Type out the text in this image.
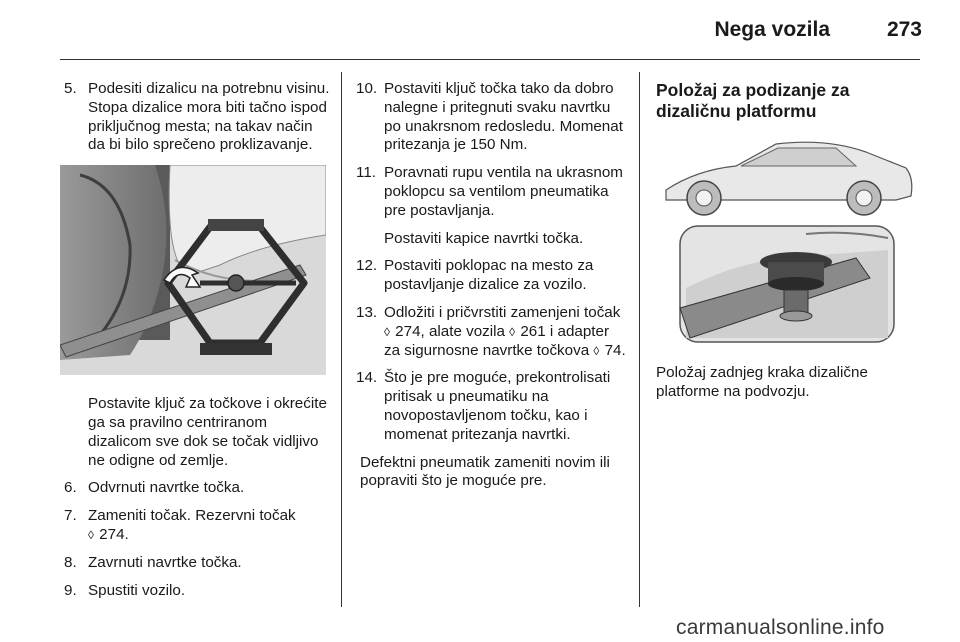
Nega vozila	273
5. Podesiti dizalicu na potrebnu visinu. Stopa dizalice mora biti tačno ispod priključnog mesta; na takav način da bi bilo sprečeno proklizavanje.

Postavite ključ za točkove i okrećite ga sa pravilno centriranom dizalicom sve dok se točak vidljivo ne odigne od zemlje.

6. Odvrnuti navrtke točka.
7. Zameniti točak. Rezervni točak
◊ 274.
8. Zavrnuti navrtke točka.
9. Spustiti vozilo.
10. Postaviti ključ točka tako da dobro nalegne i pritegnuti svaku navrtku po unakrsnom redosledu. Momenat pritezanja je 150 Nm.
11. Poravnati rupu ventila na ukrasnom poklopcu sa ventilom pneumatika pre postavljanja.
Postaviti kapice navrtki točka.
12. Postaviti poklopac na mesto za postavljanje dizalice za vozilo.
13. Odložiti i pričvrstiti zamenjeni točak ◊ 274, alate vozila ◊ 261 i adapter za sigurnosne navrtke točkova ◊ 74.
14. Što je pre moguće, prekontrolisati pritisak u pneumatiku na novopostavljenom točku, kao i momenat pritezanja navrtki.

Defektni pneumatik zameniti novim ili popraviti što je moguće pre.

Položaj za podizanje za dizaličnu platformu

Položaj zadnjeg kraka dizalične platforme na podvozju.

carmanualsonline.info
